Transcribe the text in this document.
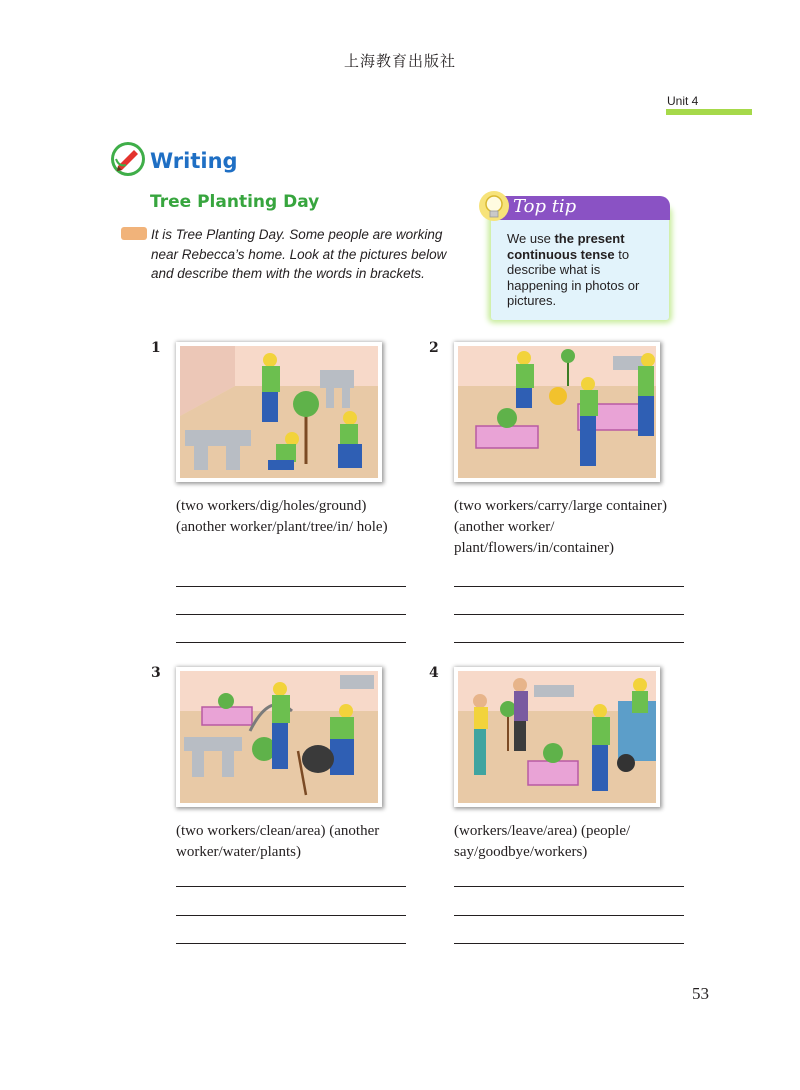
上海教育出版社
Unit 4
Writing
Tree Planting Day
It is Tree Planting Day. Some people are working near Rebecca’s home. Look at the pictures below and describe them with the words in brackets.
Top tip
We use the present continuous tense to describe what is happening in photos or pictures.
1
(two workers/dig/holes/ground) (another worker/plant/tree/in/ hole)
2
(two workers/carry/large container) (another worker/ plant/flowers/in/container)
3
(two workers/clean/area) (another worker/water/plants)
4
(workers/leave/area) (people/ say/goodbye/workers)
53
